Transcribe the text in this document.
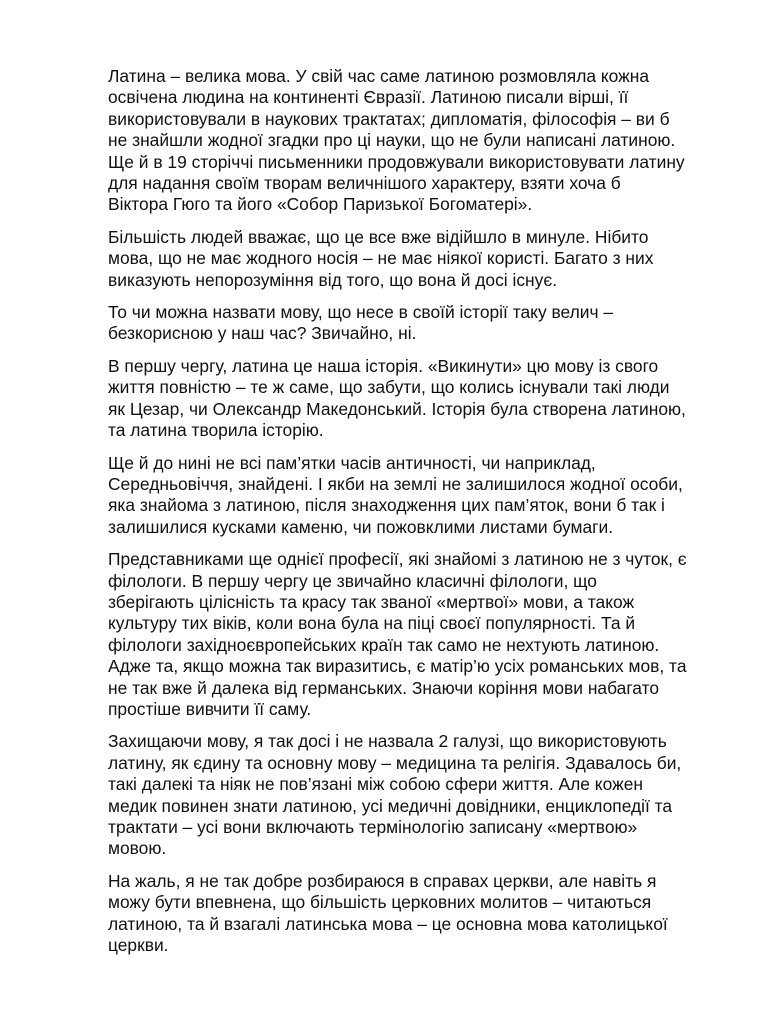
Латина – велика мова. У свій час саме латиною розмовляла кожна
освічена людина на континенті Євразії. Латиною писали вірші, її
використовували в наукових трактатах; дипломатія, філософія – ви б
не знайшли жодної згадки про ці науки, що не були написані латиною.
Ще й в 19 сторіччі письменники продовжували використовувати латину
для надання своїм творам величнішого характеру, взяти хоча б
Віктора Гюго та його «Собор Паризької Богоматері».

Більшість людей вважає, що це все вже відійшло в минуле. Нібито
мова, що не має жодного носія – не має ніякої користі. Багато з них
виказують непорозуміння від того, що вона й досі існує.

То чи можна назвати мову, що несе в своїй історії таку велич –
безкорисною у наш час? Звичайно, ні.

В першу чергу, латина це наша історія. «Викинути» цю мову із свого
життя повністю – те ж саме, що забути, що колись існували такі люди
як Цезар, чи Олександр Македонський. Історія була створена латиною,
та латина творила історію.

Ще й до нині не всі пам’ятки часів античності, чи наприклад,
Середньовіччя, знайдені. І якби на землі не залишилося жодної особи,
яка знайома з латиною, після знаходження цих пам’яток, вони б так і
залишилися кусками каменю, чи пожовклими листами бумаги.

Представниками ще однієї професії, які знайомі з латиною не з чуток, є
філологи. В першу чергу це звичайно класичні філологи, що
зберігають цілісність та красу так званої «мертвої» мови, а також
культуру тих віків, коли вона була на піці своєї популярності. Та й
філологи західноєвропейських країн так само не нехтують латиною.
Адже та, якщо можна так виразитись, є матір’ю усіх романських мов, та
не так вже й далека від германських. Знаючи коріння мови набагато
простіше вивчити її саму.

Захищаючи мову, я так досі і не назвала 2 галузі, що використовують
латину, як єдину та основну мову – медицина та релігія. Здавалось би,
такі далекі та ніяк не пов’язані між собою сфери життя. Але кожен
медик повинен знати латиною, усі медичні довідники, енциклопедії та
трактати – усі вони включають термінологію записану «мертвою»
мовою.

На жаль, я не так добре розбираюся в справах церкви, але навіть я
можу бути впевнена, що більшість церковних молитов – читаються
латиною, та й взагалі латинська мова – це основна мова католицької
церкви.
